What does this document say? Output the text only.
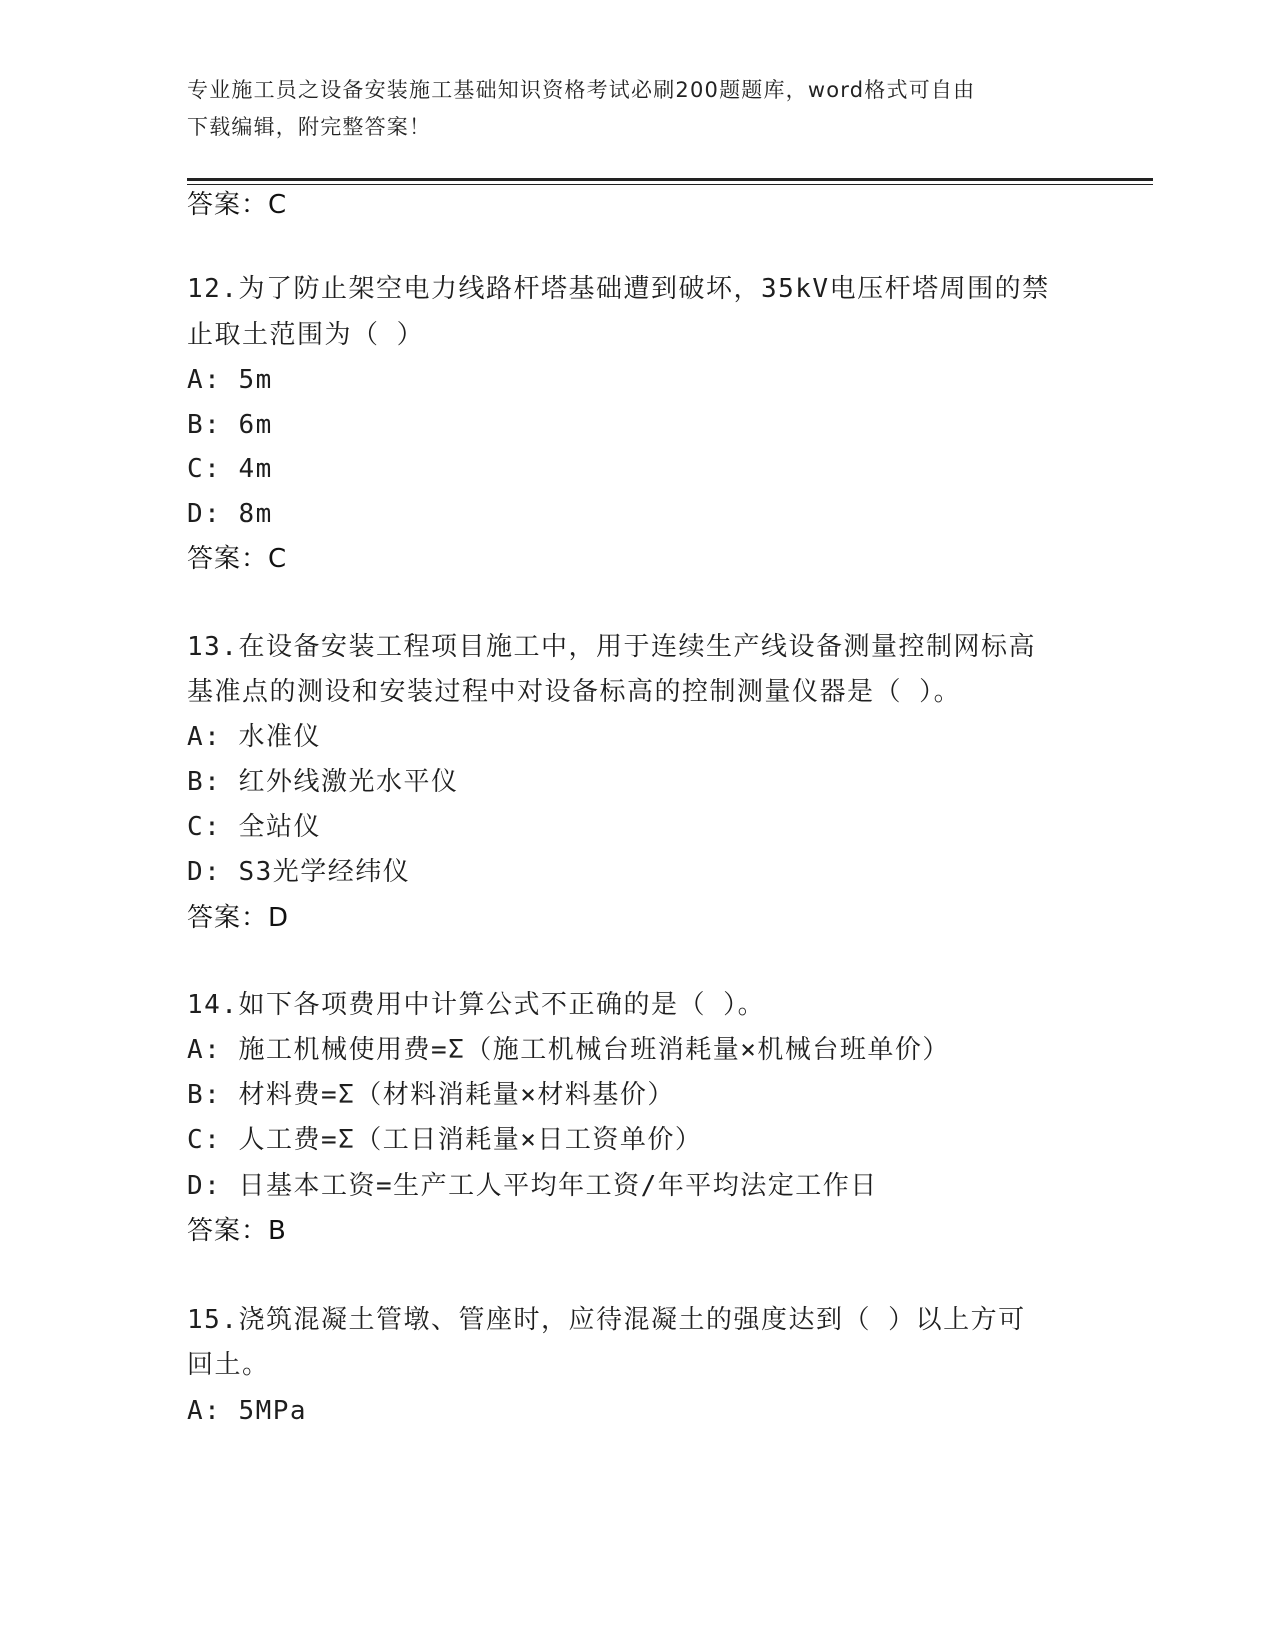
专业施工员之设备安装施工基础知识资格考试必刷200题题库，word格式可自由
下载编辑，附完整答案！
答案：C
12.为了防止架空电力线路杆塔基础遭到破坏，35kV电压杆塔周围的禁
止取土范围为（ ）
A: 5m
B: 6m
C: 4m
D: 8m
答案：C
13.在设备安装工程项目施工中，用于连续生产线设备测量控制网标高
基准点的测设和安装过程中对设备标高的控制测量仪器是（ ）。
A: 水准仪
B: 红外线激光水平仪
C: 全站仪
D: S3光学经纬仪
答案：D
14.如下各项费用中计算公式不正确的是（ ）。
A: 施工机械使用费=Σ（施工机械台班消耗量×机械台班单价）
B: 材料费=Σ（材料消耗量×材料基价）
C: 人工费=Σ（工日消耗量×日工资单价）
D: 日基本工资=生产工人平均年工资/年平均法定工作日
答案：B
15.浇筑混凝土管墩、管座时，应待混凝土的强度达到（ ）以上方可
回土。
A: 5MPa
